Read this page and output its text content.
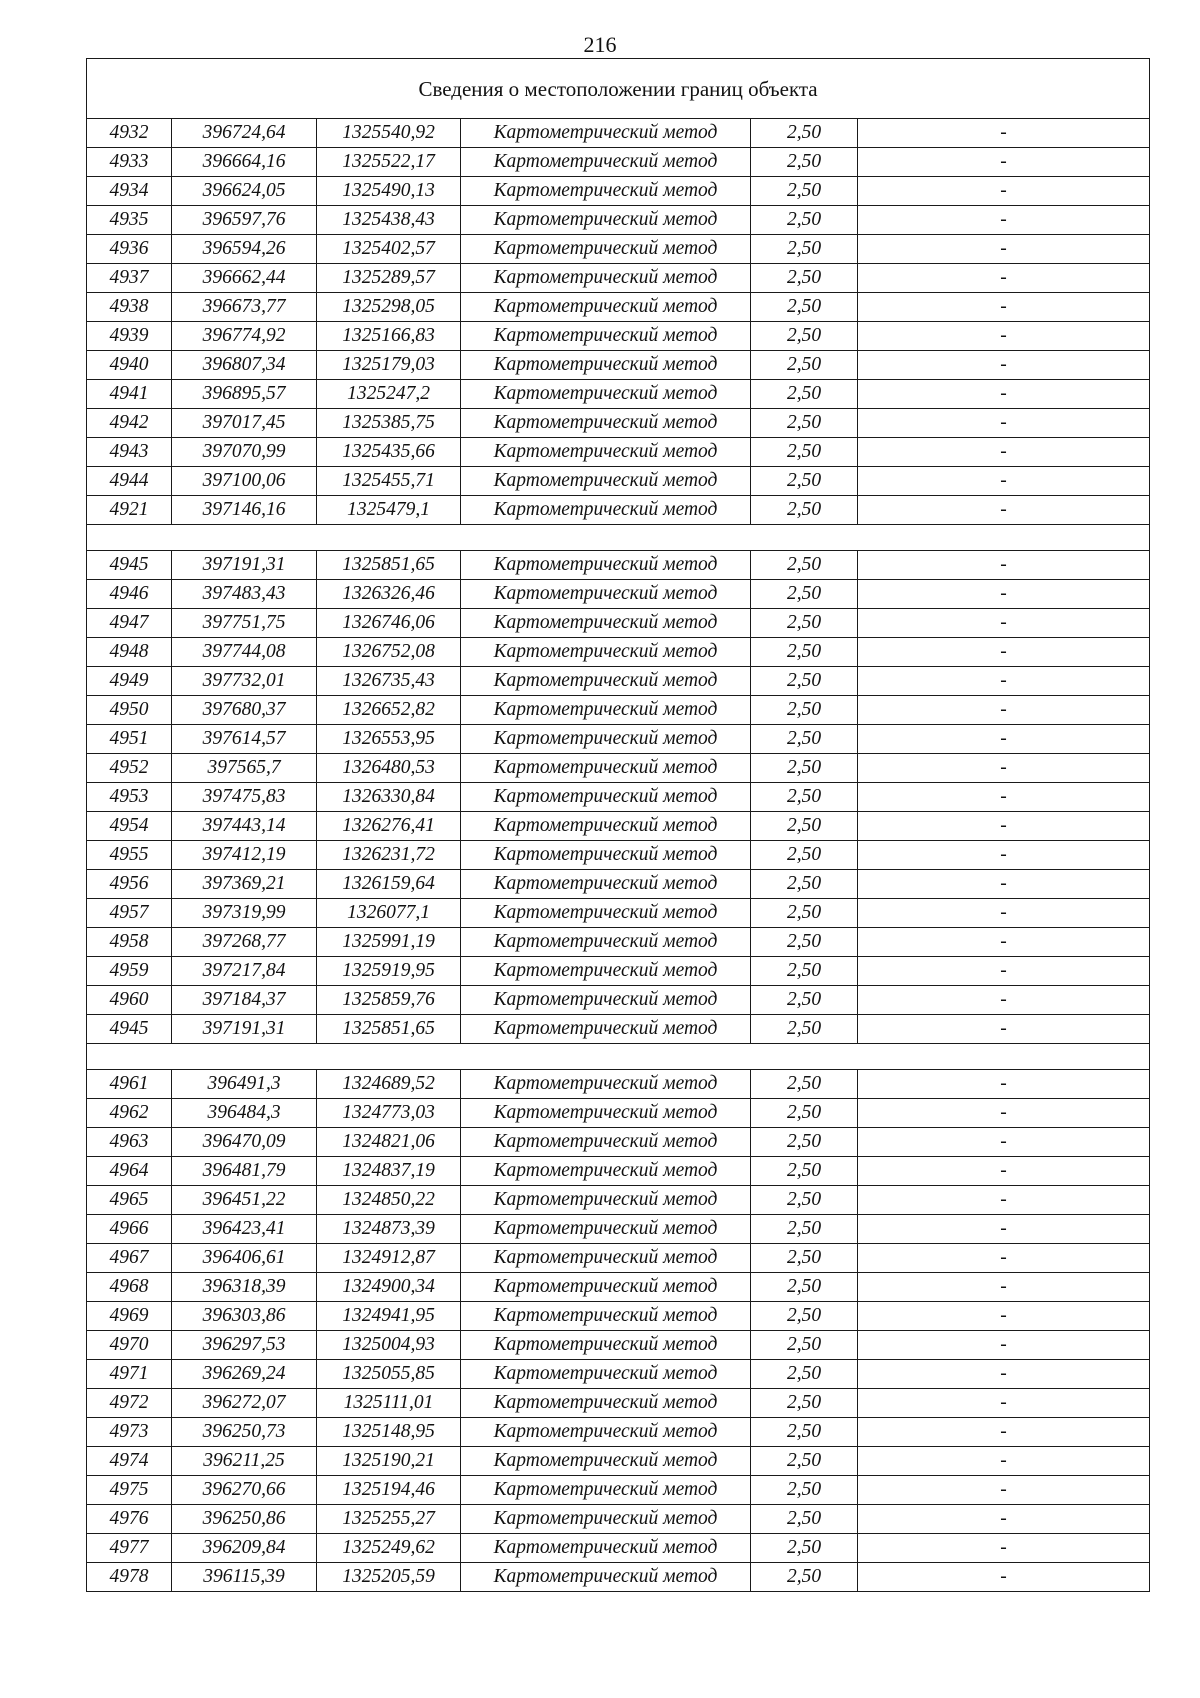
216
Сведения о местоположении границ объекта					
4932	396724,64	1325540,92	Картометрический метод	2,50	-
4933	396664,16	1325522,17	Картометрический метод	2,50	-
4934	396624,05	1325490,13	Картометрический метод	2,50	-
4935	396597,76	1325438,43	Картометрический метод	2,50	-
4936	396594,26	1325402,57	Картометрический метод	2,50	-
4937	396662,44	1325289,57	Картометрический метод	2,50	-
4938	396673,77	1325298,05	Картометрический метод	2,50	-
4939	396774,92	1325166,83	Картометрический метод	2,50	-
4940	396807,34	1325179,03	Картометрический метод	2,50	-
4941	396895,57	1325247,2	Картометрический метод	2,50	-
4942	397017,45	1325385,75	Картометрический метод	2,50	-
4943	397070,99	1325435,66	Картометрический метод	2,50	-
4944	397100,06	1325455,71	Картометрический метод	2,50	-
4921	397146,16	1325479,1	Картометрический метод	2,50	-

4945	397191,31	1325851,65	Картометрический метод	2,50	-
4946	397483,43	1326326,46	Картометрический метод	2,50	-
4947	397751,75	1326746,06	Картометрический метод	2,50	-
4948	397744,08	1326752,08	Картометрический метод	2,50	-
4949	397732,01	1326735,43	Картометрический метод	2,50	-
4950	397680,37	1326652,82	Картометрический метод	2,50	-
4951	397614,57	1326553,95	Картометрический метод	2,50	-
4952	397565,7	1326480,53	Картометрический метод	2,50	-
4953	397475,83	1326330,84	Картометрический метод	2,50	-
4954	397443,14	1326276,41	Картометрический метод	2,50	-
4955	397412,19	1326231,72	Картометрический метод	2,50	-
4956	397369,21	1326159,64	Картометрический метод	2,50	-
4957	397319,99	1326077,1	Картометрический метод	2,50	-
4958	397268,77	1325991,19	Картометрический метод	2,50	-
4959	397217,84	1325919,95	Картометрический метод	2,50	-
4960	397184,37	1325859,76	Картометрический метод	2,50	-
4945	397191,31	1325851,65	Картометрический метод	2,50	-

4961	396491,3	1324689,52	Картометрический метод	2,50	-
4962	396484,3	1324773,03	Картометрический метод	2,50	-
4963	396470,09	1324821,06	Картометрический метод	2,50	-
4964	396481,79	1324837,19	Картометрический метод	2,50	-
4965	396451,22	1324850,22	Картометрический метод	2,50	-
4966	396423,41	1324873,39	Картометрический метод	2,50	-
4967	396406,61	1324912,87	Картометрический метод	2,50	-
4968	396318,39	1324900,34	Картометрический метод	2,50	-
4969	396303,86	1324941,95	Картометрический метод	2,50	-
4970	396297,53	1325004,93	Картометрический метод	2,50	-
4971	396269,24	1325055,85	Картометрический метод	2,50	-
4972	396272,07	1325111,01	Картометрический метод	2,50	-
4973	396250,73	1325148,95	Картометрический метод	2,50	-
4974	396211,25	1325190,21	Картометрический метод	2,50	-
4975	396270,66	1325194,46	Картометрический метод	2,50	-
4976	396250,86	1325255,27	Картометрический метод	2,50	-
4977	396209,84	1325249,62	Картометрический метод	2,50	-
4978	396115,39	1325205,59	Картометрический метод	2,50	-
